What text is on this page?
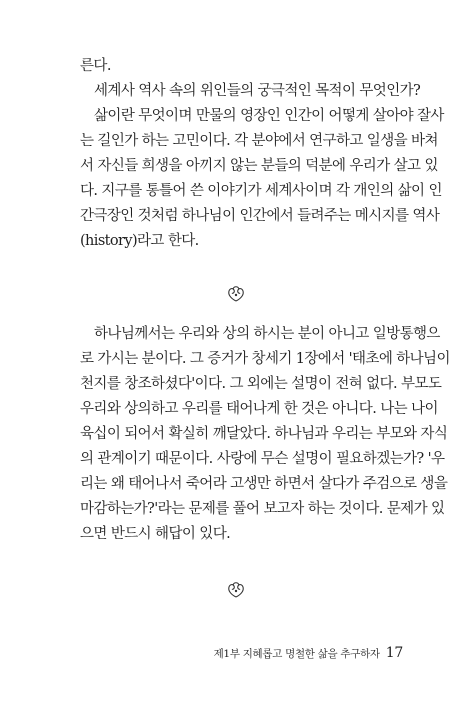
른다.
세계사 역사 속의 위인들의 궁극적인 목적이 무엇인가?
삶이란 무엇이며 만물의 영장인 인간이 어떻게 살아야 잘사
는 길인가 하는 고민이다. 각 분야에서 연구하고 일생을 바쳐
서 자신들 희생을 아끼지 않는 분들의 덕분에 우리가 살고 있
다. 지구를 통틀어 쓴 이야기가 세계사이며 각 개인의 삶이 인
간극장인 것처럼 하나님이 인간에서 들려주는 메시지를 역사
(history)라고 한다.
하나님께서는 우리와 상의 하시는 분이 아니고 일방통행으
로 가시는 분이다. 그 증거가 창세기 1장에서 '태초에 하나님이
천지를 창조하셨다'이다. 그 외에는 설명이 전혀 없다. 부모도
우리와 상의하고 우리를 태어나게 한 것은 아니다. 나는 나이
육십이 되어서 확실히 깨달았다. 하나님과 우리는 부모와 자식
의 관계이기 때문이다. 사랑에 무슨 설명이 필요하겠는가? '우
리는 왜 태어나서 죽어라 고생만 하면서 살다가 주검으로 생을
마감하는가?'라는 문제를 풀어 보고자 하는 것이다. 문제가 있
으면 반드시 해답이 있다.
제1부 지혜롭고 명철한 삶을 추구하자 17
